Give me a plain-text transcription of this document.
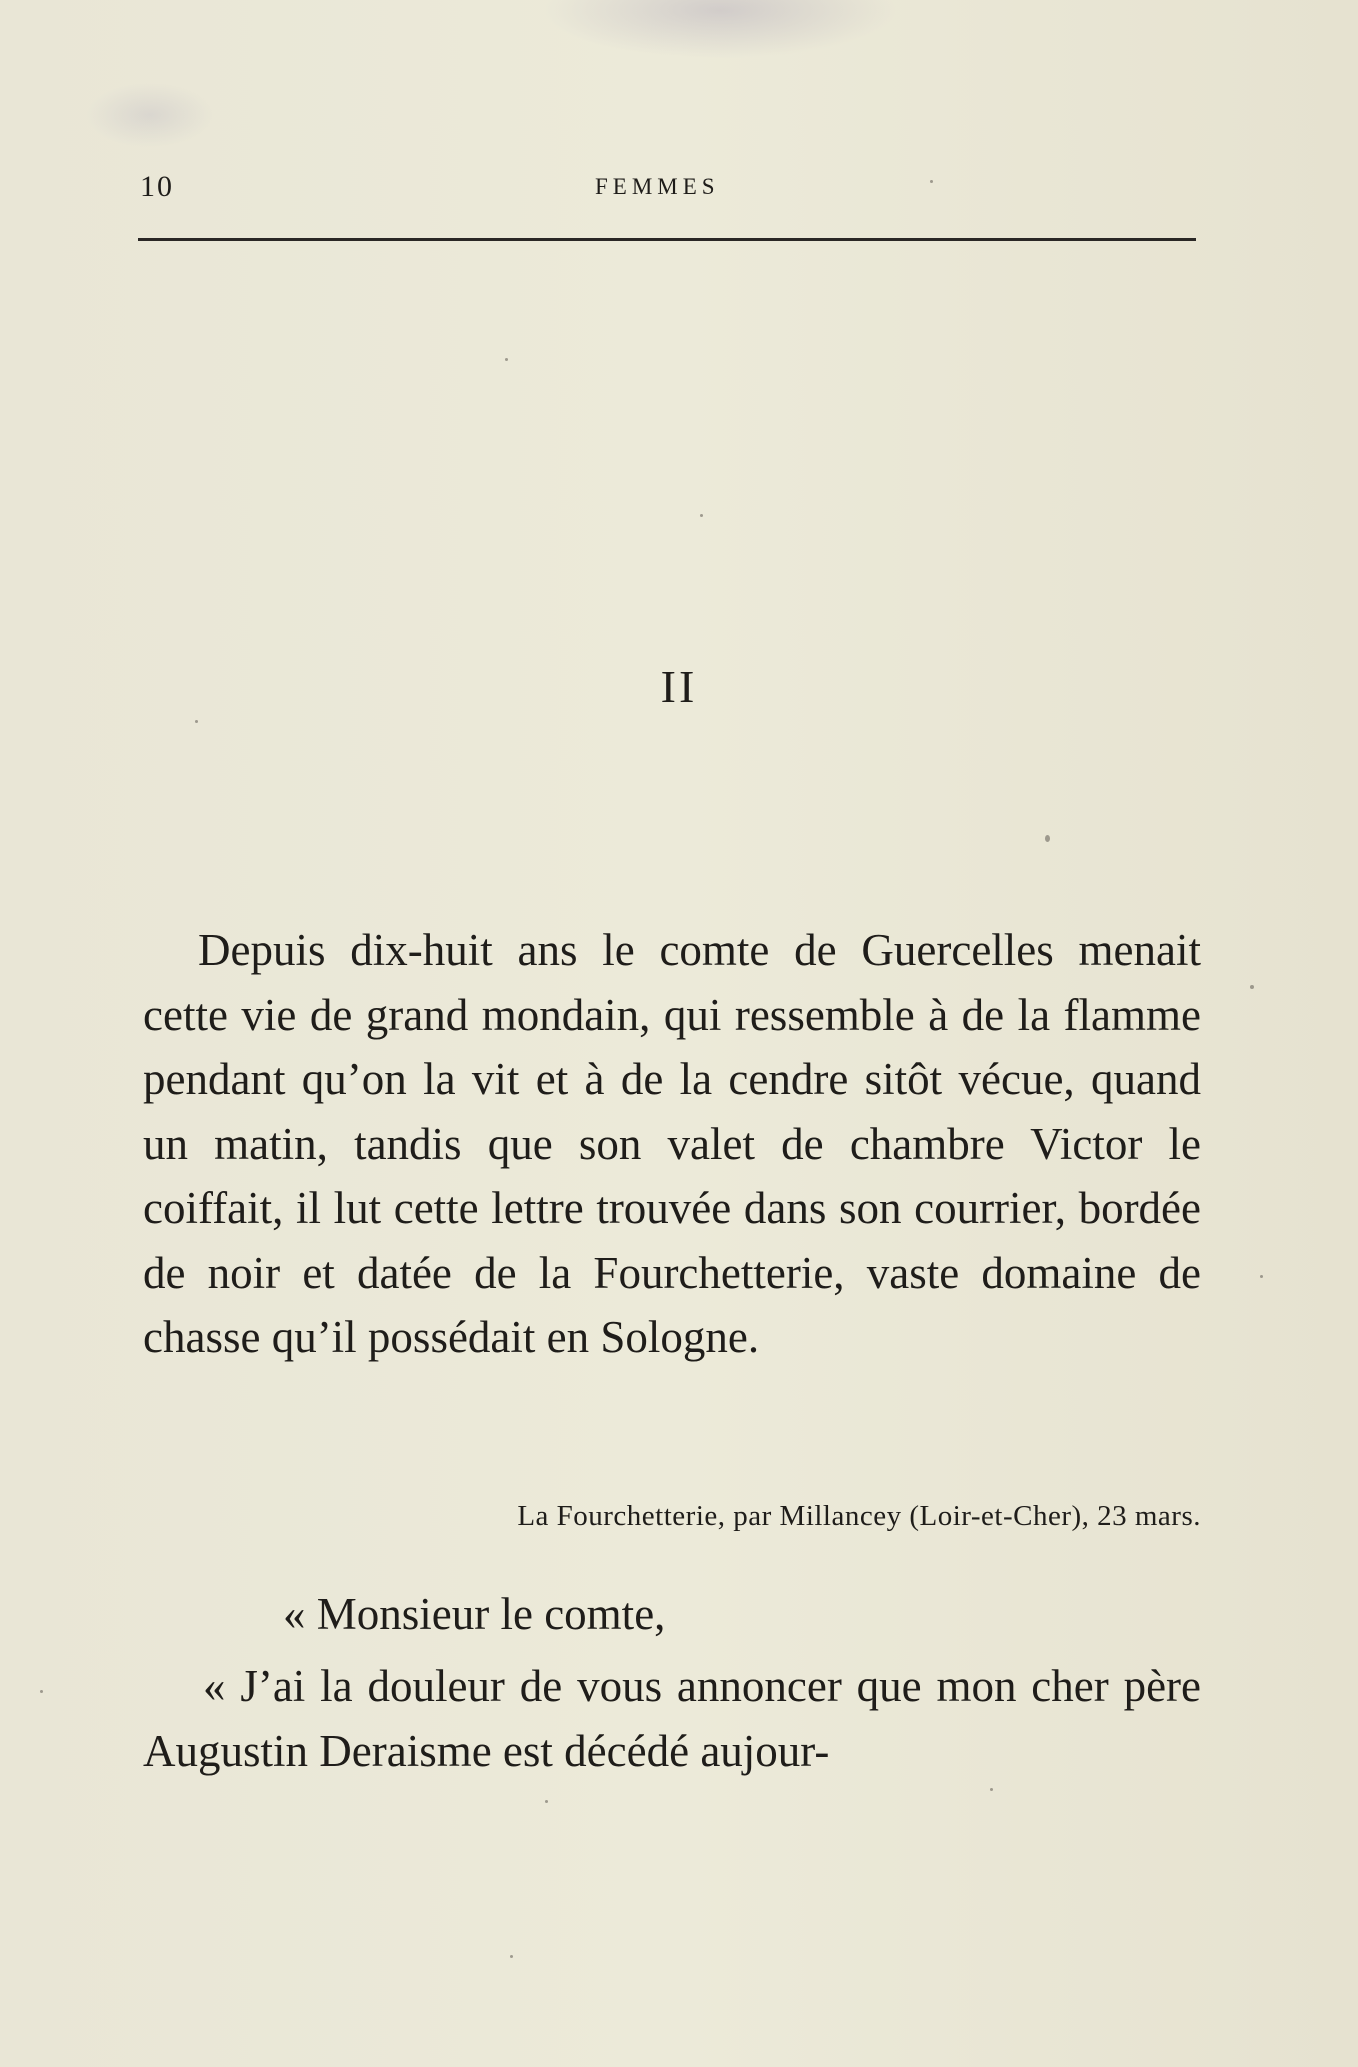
10	FEMMES
II
Depuis dix-huit ans le comte de Guercelles menait cette vie de grand mondain, qui ressemble à de la flamme pendant qu’on la vit et à de la cendre sitôt vécue, quand un matin, tandis que son valet de chambre Victor le coiffait, il lut cette lettre trouvée dans son courrier, bordée de noir et datée de la Fourchetterie, vaste domaine de chasse qu’il possédait en Sologne.
La Fourchetterie, par Millancey (Loir-et-Cher), 23 mars.
« Monsieur le comte,
« J’ai la douleur de vous annoncer que mon cher père Augustin Deraisme est décédé aujour-
